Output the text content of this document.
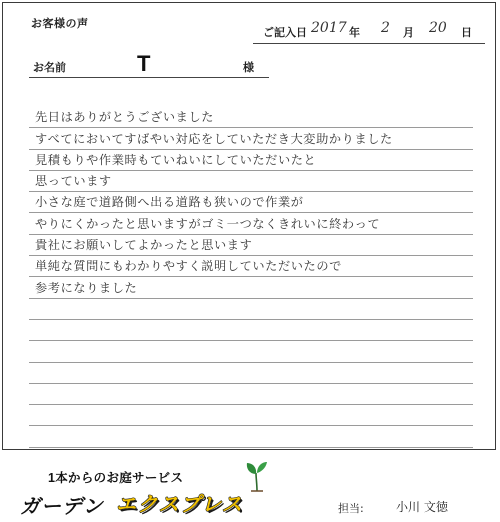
お客様の声
ご記入日 2017 年 2 月 20 日
お名前	T	様
先日はありがとうございました
すべてにおいてすばやい対応をしていただき大変助かりました
見積もりや作業時もていねいにしていただいたと
思っています
小さな庭で道路側へ出る道路も狭いので作業が
やりにくかったと思いますがゴミ一つなくきれいに終わって
貴社にお願いしてよかったと思います
単純な質問にもわかりやすく説明していただいたので
参考になりました
1本からのお庭サービス
ガーデン エクスプレス	担当:	小川 文徳
